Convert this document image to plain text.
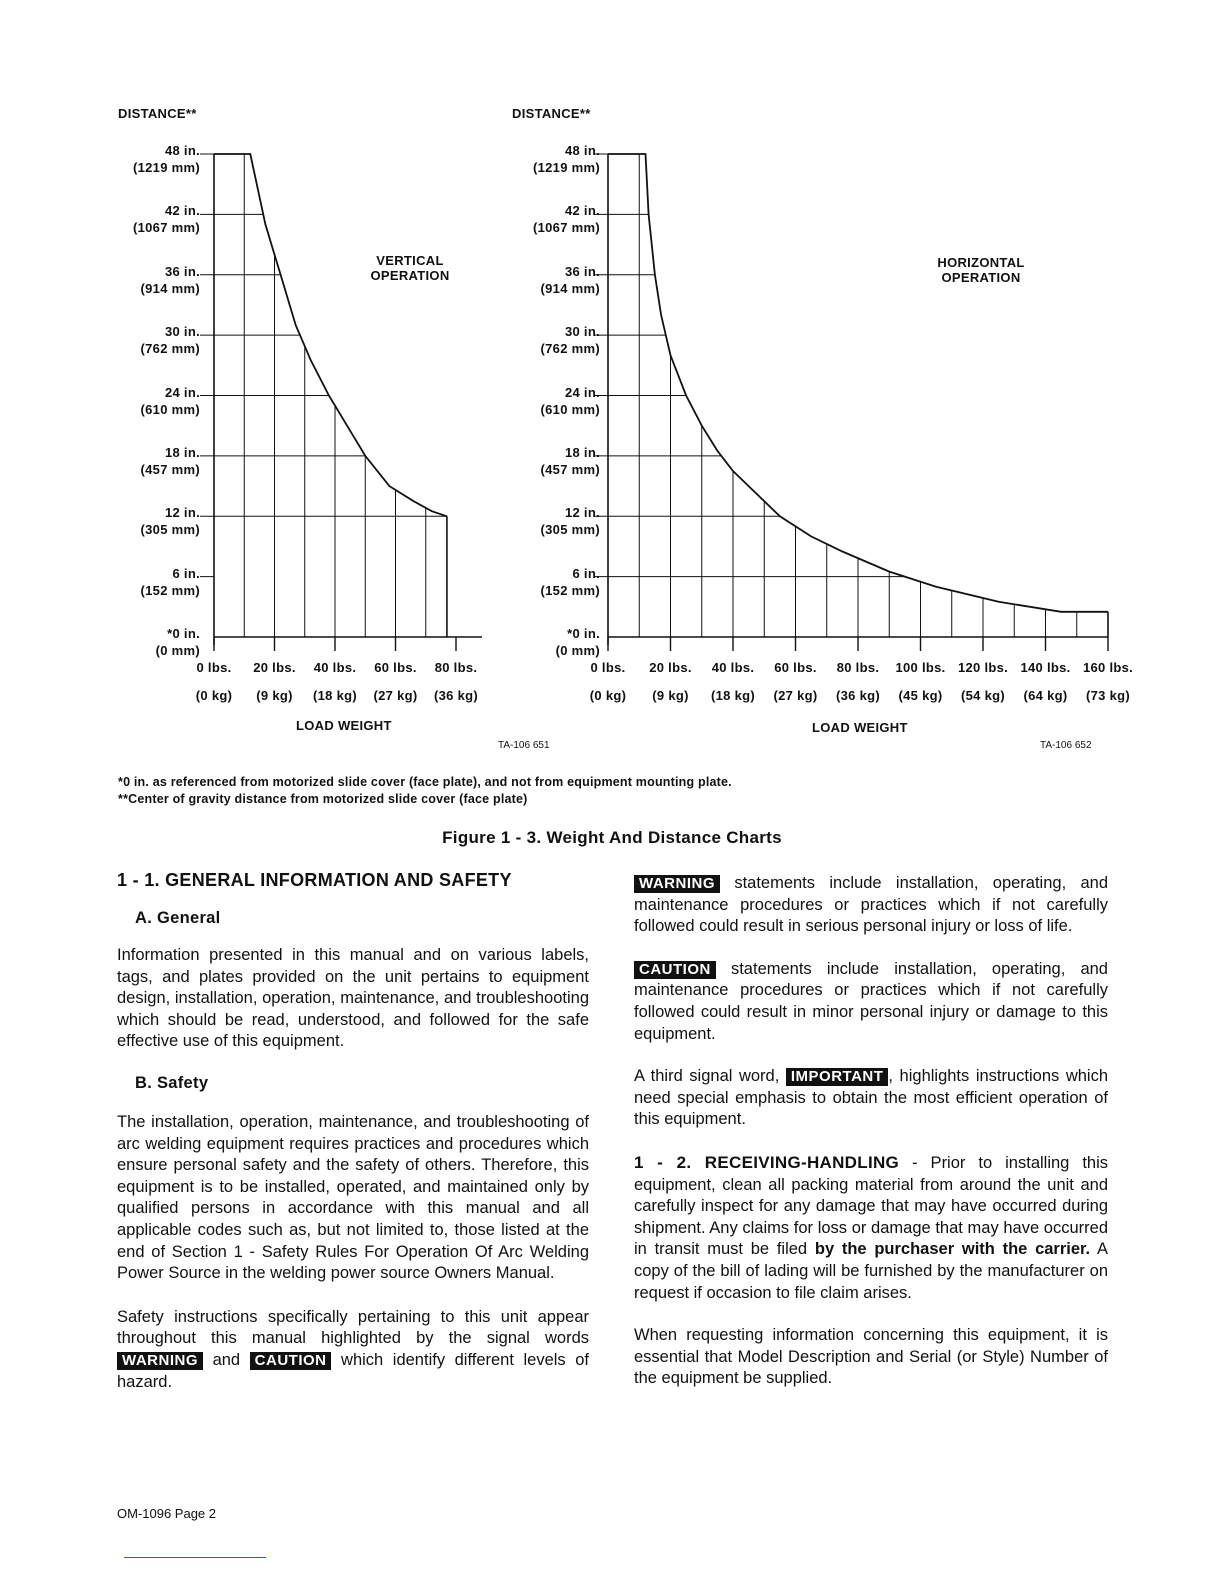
DISTANCE**	DISTANCE**
VERTICAL
OPERATION
HORIZONTAL
OPERATION
48 in.
(1219 mm)
42 in.
(1067 mm)
36 in.
(914 mm)
30 in.
(762 mm)
24 in.
(610 mm)
18 in.
(457 mm)
12 in.
(305 mm)
6 in.
(152 mm)
*0 in.
(0 mm)
48 in.
(1219 mm)
42 in.
(1067 mm)
36 in.
(914 mm)
30 in.
(762 mm)
24 in.
(610 mm)
18 in.
(457 mm)
12 in.
(305 mm)
6 in.
(152 mm)
*0 in.
(0 mm)
0 lbs.
(0 kg)
20 lbs.
(9 kg)
40 lbs.
(18 kg)
60 lbs.
(27 kg)
80 lbs.
(36 kg)
0 lbs.
(0 kg)
20 lbs.
(9 kg)
40 lbs.
(18 kg)
60 lbs.
(27 kg)
80 lbs.
(36 kg)
100 lbs.
(45 kg)
120 lbs.
(54 kg)
140 lbs.
(64 kg)
160 lbs.
(73 kg)
LOAD WEIGHT	LOAD WEIGHT
TA-106 651	TA-106 652
*0 in. as referenced from motorized slide cover (face plate), and not from equipment mounting plate.
**Center of gravity distance from motorized slide cover (face plate)
Figure 1 - 3. Weight And Distance Charts
1 - 1. GENERAL INFORMATION AND SAFETY
A. General

Information presented in this manual and on various labels, tags, and plates provided on the unit pertains to equipment design, installation, operation, maintenance, and troubleshooting which should be read, understood, and followed for the safe effective use of this equipment.

B. Safety

The installation, operation, maintenance, and troubleshooting of arc welding equipment requires practices and procedures which ensure personal safety and the safety of others. Therefore, this equipment is to be installed, operated, and maintained only by qualified persons in accordance with this manual and all applicable codes such as, but not limited to, those listed at the end of Section 1 - Safety Rules For Operation Of Arc Welding Power Source in the welding power source Owners Manual.

Safety instructions specifically pertaining to this unit appear throughout this manual highlighted by the signal words WARNING and CAUTION which identify different levels of hazard.

WARNING statements include installation, operating, and maintenance procedures or practices which if not carefully followed could result in serious personal injury or loss of life.

CAUTION statements include installation, operating, and maintenance procedures or practices which if not carefully followed could result in minor personal injury or damage to this equipment.

A third signal word, IMPORTANT , highlights instructions which need special emphasis to obtain the most efficient operation of this equipment.

1 - 2. RECEIVING-HANDLING - Prior to installing this equipment, clean all packing material from around the unit and carefully inspect for any damage that may have occurred during shipment. Any claims for loss or damage that may have occurred in transit must be filed by the purchaser with the carrier. A copy of the bill of lading will be furnished by the manufacturer on request if occasion to file claim arises.

When requesting information concerning this equipment, it is essential that Model Description and Serial (or Style) Number of the equipment be supplied.

OM-1096 Page 2
